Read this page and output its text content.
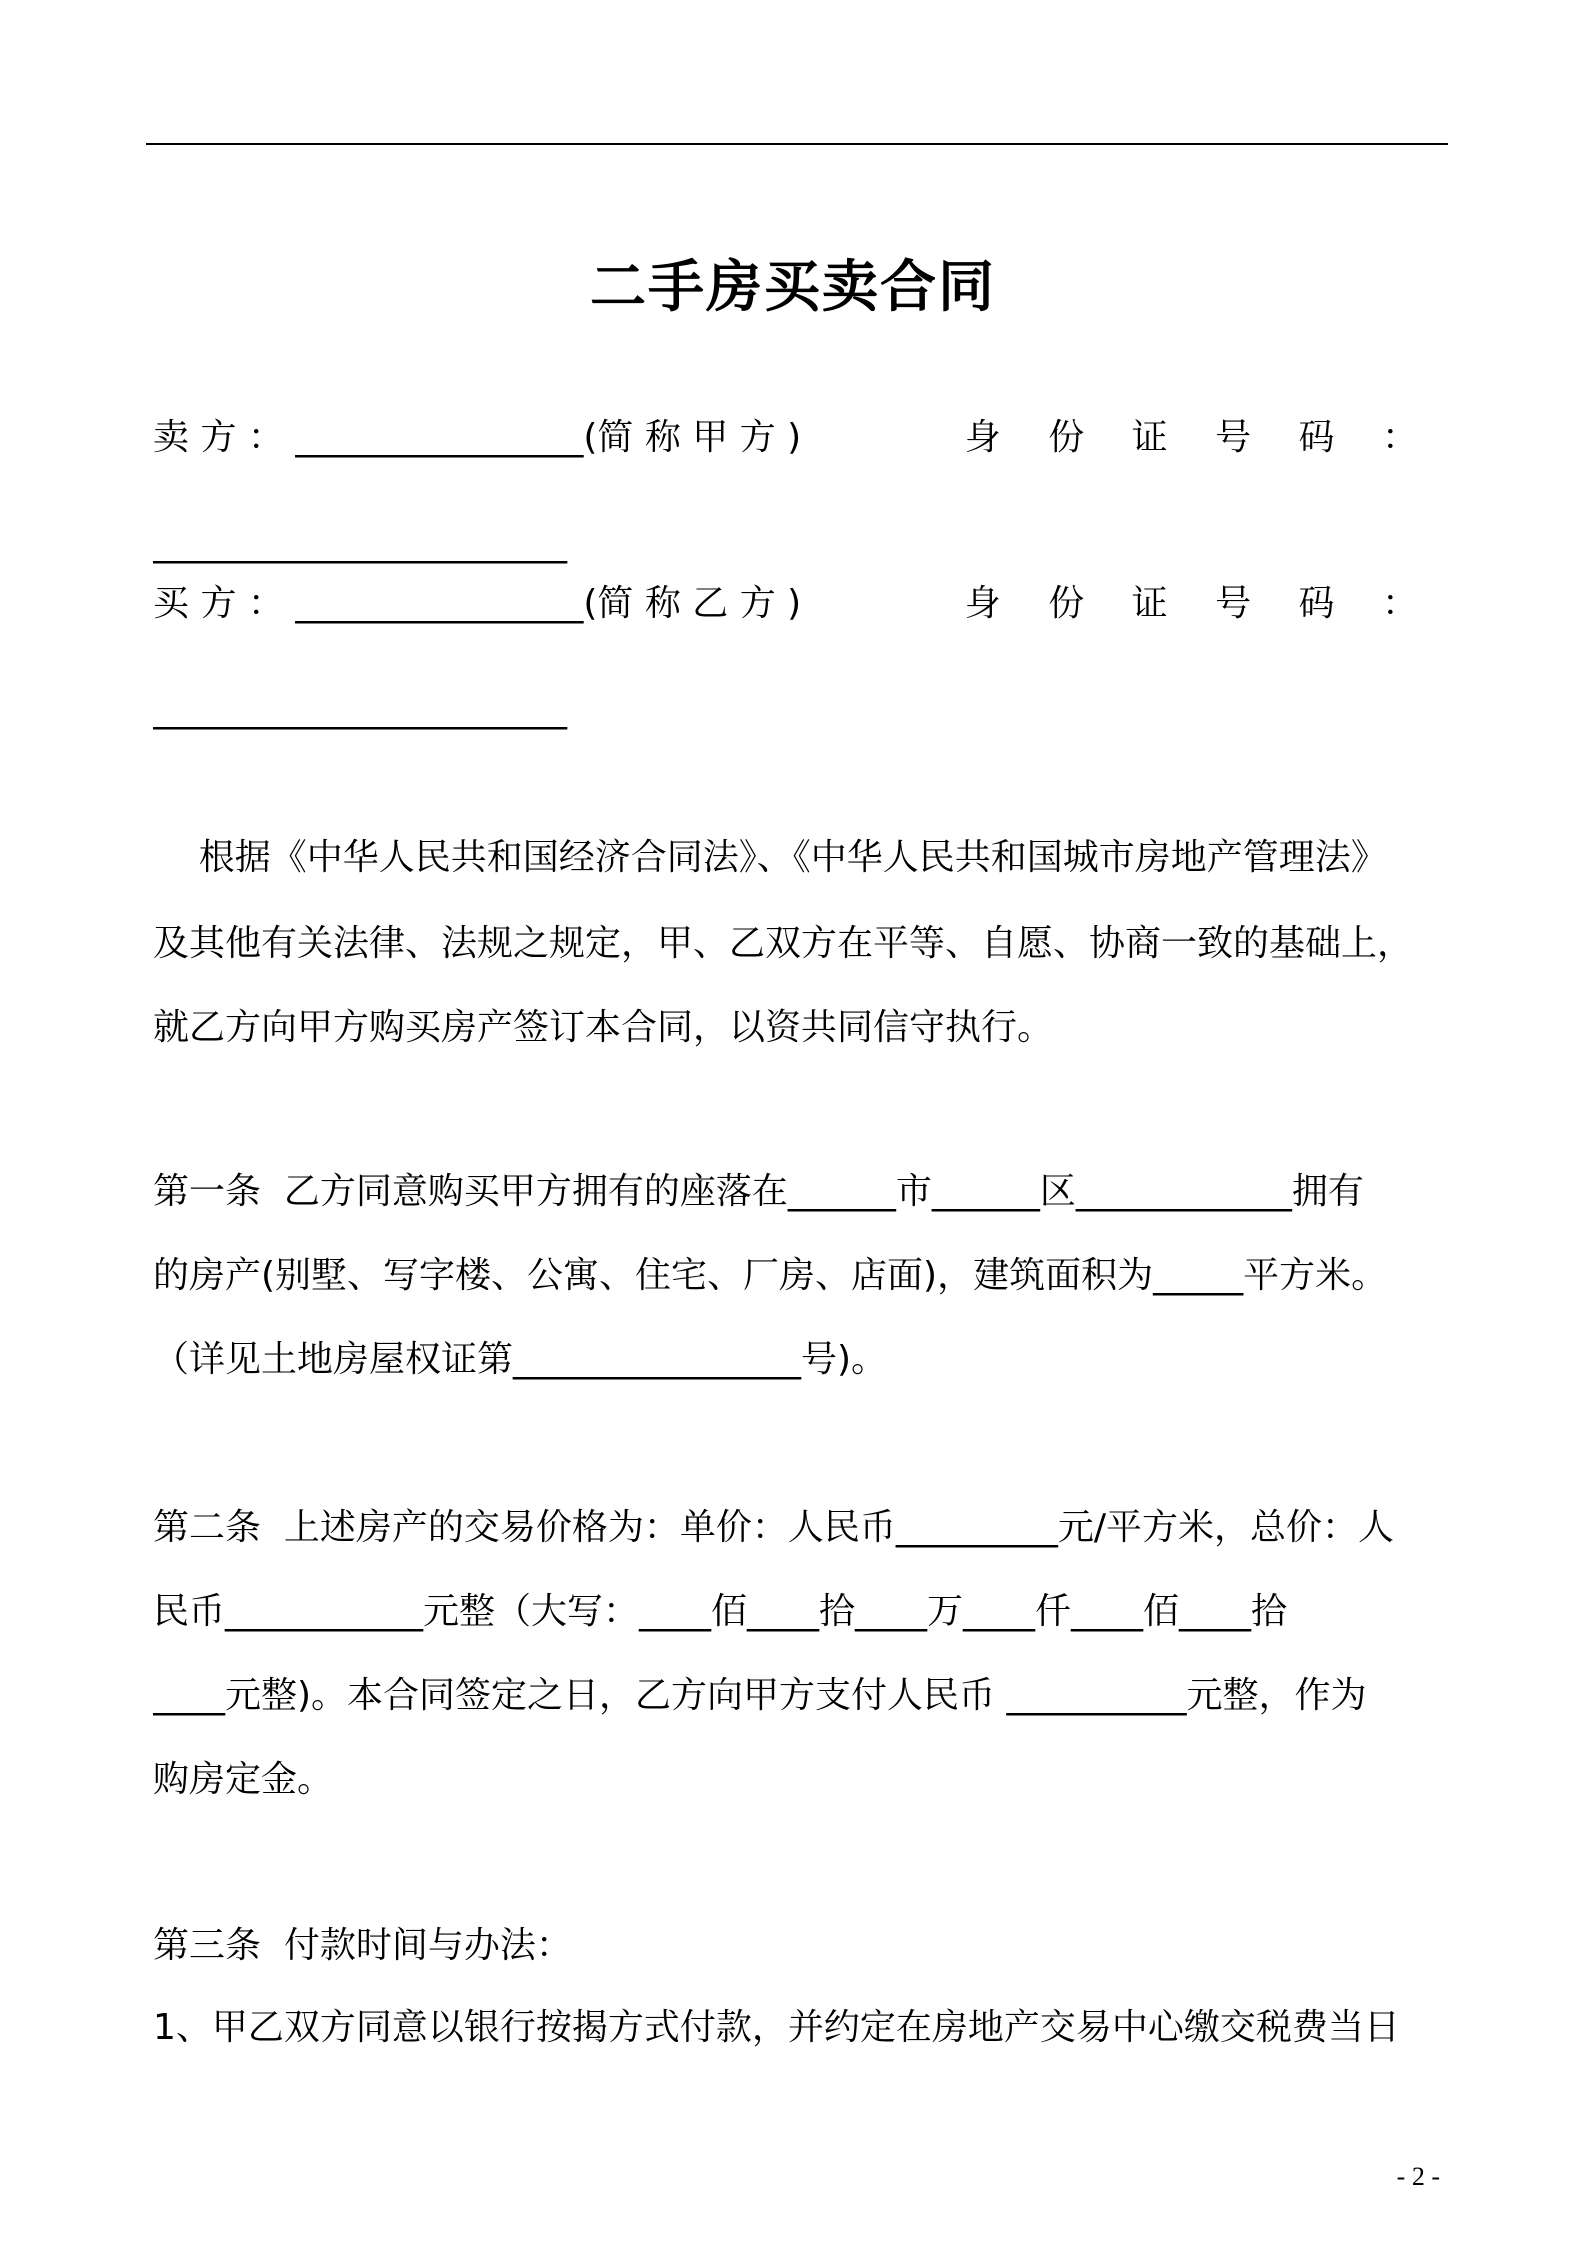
二手房买卖合同
卖 方 ： ________________(简 称 甲 方 )	身 份 证 号 码 ：
_______________________
买 方 ： ________________(简 称 乙 方 )	身 份 证 号 码 ：
_______________________
根据《中华人民共和国经济合同法》、《中华人民共和国城市房地产管理法》
及其他有关法律、法规之规定，甲、乙双方在平等、自愿、协商一致的基础上，
就乙方向甲方购买房产签订本合同，以资共同信守执行。
第一条  乙方同意购买甲方拥有的座落在______市______区____________拥有
的房产(别墅、写字楼、公寓、住宅、厂房、店面)，建筑面积为_____平方米。
（详见土地房屋权证第________________号)。
第二条  上述房产的交易价格为：单价：人民币_________元/平方米，总价：人
民币___________元整（大写：____佰____拾____万____仟____佰____拾
____元整)。本合同签定之日，乙方向甲方支付人民币 __________元整，作为
购房定金。
第三条  付款时间与办法：
1、甲乙双方同意以银行按揭方式付款，并约定在房地产交易中心缴交税费当日
- 2 -
